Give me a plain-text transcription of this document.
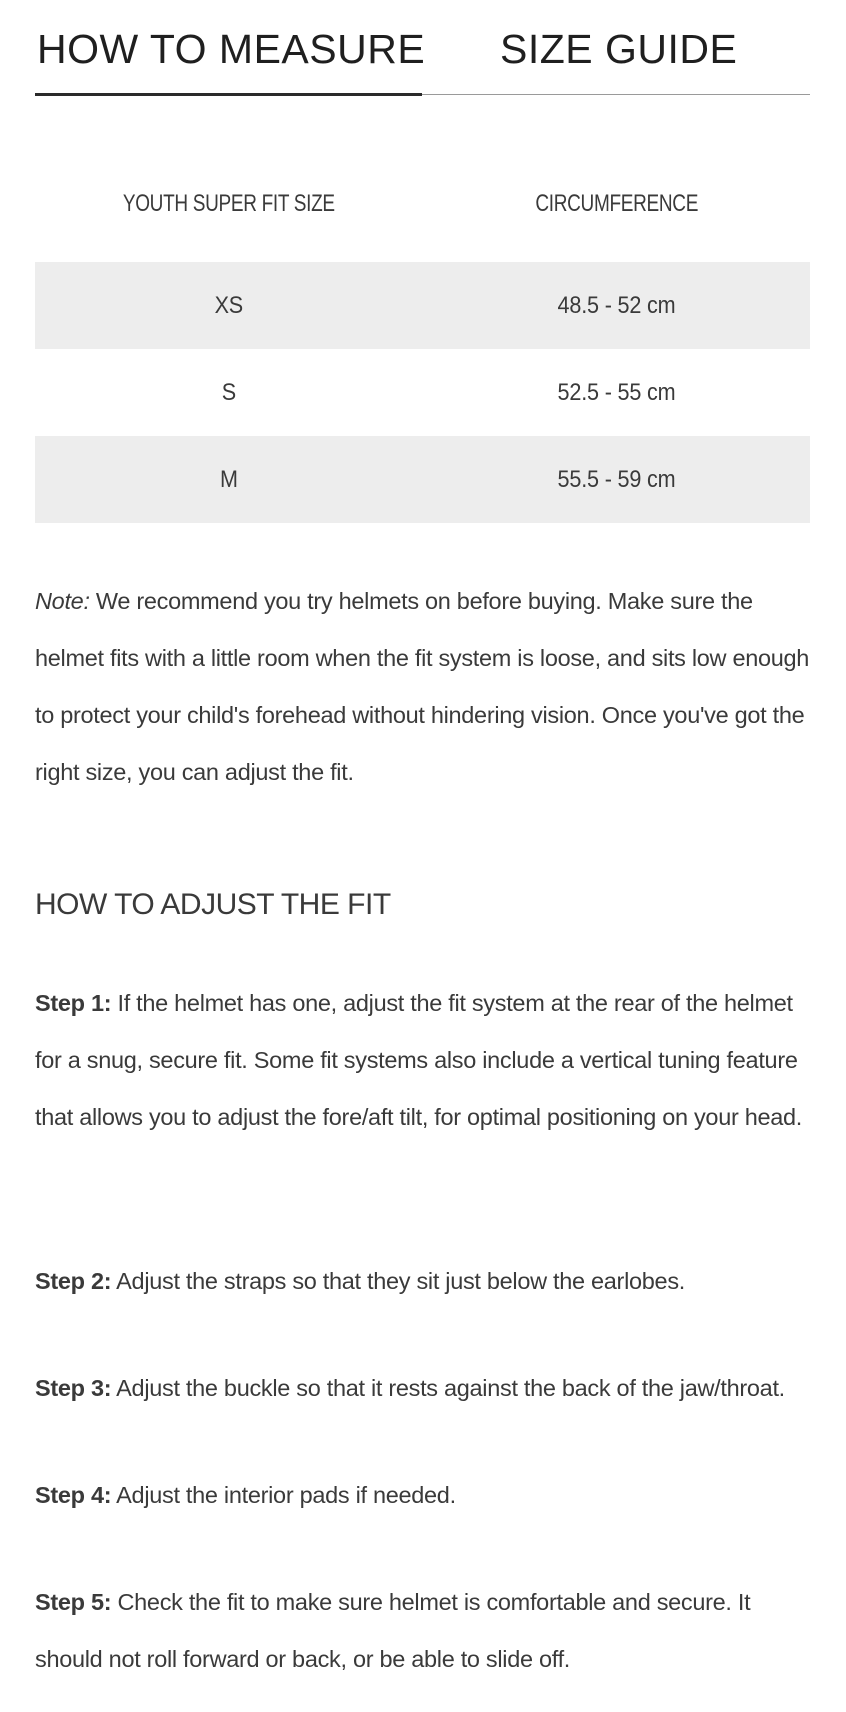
HOW TO MEASURE SIZE GUIDE
YOUTH SUPER FIT SIZE	CIRCUMFERENCE
XS	48.5 - 52 cm
S	52.5 - 55 cm
M	55.5 - 59 cm

Note: We recommend you try helmets on before buying. Make sure the helmet fits with a little room when the fit system is loose, and sits low enough to protect your child's forehead without hindering vision. Once you've got the right size, you can adjust the fit.

HOW TO ADJUST THE FIT

Step 1: If the helmet has one, adjust the fit system at the rear of the helmet for a snug, secure fit. Some fit systems also include a vertical tuning feature that allows you to adjust the fore/aft tilt, for optimal positioning on your head.

Step 2: Adjust the straps so that they sit just below the earlobes.

Step 3: Adjust the buckle so that it rests against the back of the jaw/throat.

Step 4: Adjust the interior pads if needed.

Step 5: Check the fit to make sure helmet is comfortable and secure. It should not roll forward or back, or be able to slide off.
